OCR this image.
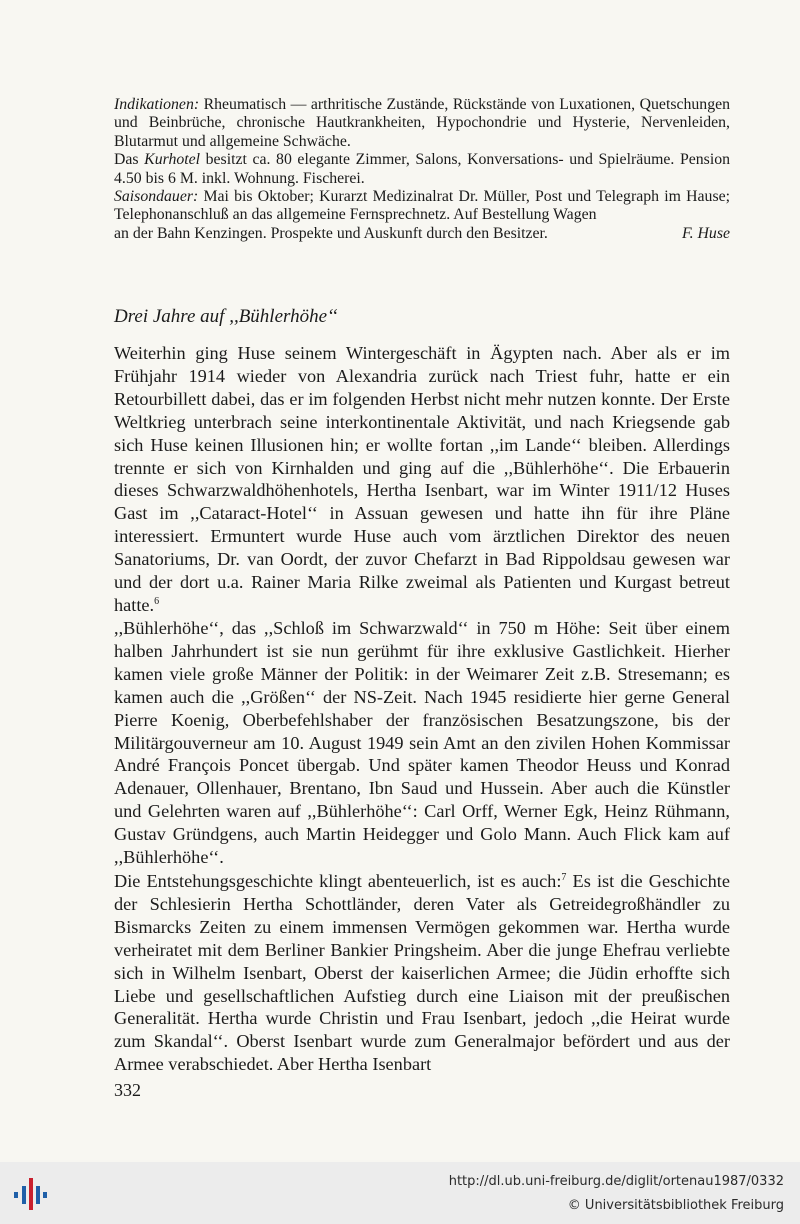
Indikationen: Rheumatisch — arthritische Zustände, Rückstände von Luxationen, Quetschungen und Beinbrüche, chronische Hautkrankheiten, Hypochondrie und Hysterie, Nervenleiden, Blutarmut und allgemeine Schwäche.

Das Kurhotel besitzt ca. 80 elegante Zimmer, Salons, Konversations- und Spielräume. Pension 4.50 bis 6 M. inkl. Wohnung. Fischerei.

Saisondauer: Mai bis Oktober; Kurarzt Medizinalrat Dr. Müller, Post und Telegraph im Hause; Telephonanschluß an das allgemeine Fernsprechnetz. Auf Bestellung Wagen

an der Bahn Kenzingen. Prospekte und Auskunft durch den Besitzer.	F. Huse
Drei Jahre auf ,,Bühlerhöhe‘‘

Weiterhin ging Huse seinem Wintergeschäft in Ägypten nach. Aber als er im Frühjahr 1914 wieder von Alexandria zurück nach Triest fuhr, hatte er ein Retourbillett dabei, das er im folgenden Herbst nicht mehr nutzen konnte. Der Erste Weltkrieg unterbrach seine interkontinentale Aktivität, und nach Kriegsende gab sich Huse keinen Illusionen hin; er wollte fortan ,,im Lande‘‘ bleiben. Allerdings trennte er sich von Kirnhalden und ging auf die ,,Bühlerhöhe‘‘. Die Erbauerin dieses Schwarzwaldhöhenhotels, Hertha Isenbart, war im Winter 1911/12 Huses Gast im ,,Cataract-Hotel‘‘ in Assuan gewesen und hatte ihn für ihre Pläne interessiert. Ermuntert wurde Huse auch vom ärztlichen Direktor des neuen Sanatoriums, Dr. van Oordt, der zuvor Chefarzt in Bad Rippoldsau gewesen war und der dort u.a. Rainer Maria Rilke zweimal als Patienten und Kurgast betreut hatte.$^6$

,,Bühlerhöhe‘‘, das ,,Schloß im Schwarzwald‘‘ in 750 m Höhe: Seit über einem halben Jahrhundert ist sie nun gerühmt für ihre exklusive Gastlichkeit. Hierher kamen viele große Männer der Politik: in der Weimarer Zeit z.B. Stresemann; es kamen auch die ,,Größen‘‘ der NS-Zeit. Nach 1945 residierte hier gerne General Pierre Koenig, Oberbefehlshaber der französischen Besatzungszone, bis der Militärgouverneur am 10. August 1949 sein Amt an den zivilen Hohen Kommissar André François Poncet übergab. Und später kamen Theodor Heuss und Konrad Adenauer, Ollenhauer, Brentano, Ibn Saud und Hussein. Aber auch die Künstler und Gelehrten waren auf ,,Bühlerhöhe‘‘: Carl Orff, Werner Egk, Heinz Rühmann, Gustav Gründgens, auch Martin Heidegger und Golo Mann. Auch Flick kam auf ,,Bühlerhöhe‘‘.

Die Entstehungsgeschichte klingt abenteuerlich, ist es auch:$^7$ Es ist die Geschichte der Schlesierin Hertha Schottländer, deren Vater als Getreidegroßhändler zu Bismarcks Zeiten zu einem immensen Vermögen gekommen war. Hertha wurde verheiratet mit dem Berliner Bankier Pringsheim. Aber die junge Ehefrau verliebte sich in Wilhelm Isenbart, Oberst der kaiserlichen Armee; die Jüdin erhoffte sich Liebe und gesellschaftlichen Aufstieg durch eine Liaison mit der preußischen Generalität. Hertha wurde Christin und Frau Isenbart, jedoch ,,die Heirat wurde zum Skandal‘‘. Oberst Isenbart wurde zum Generalmajor befördert und aus der Armee verabschiedet. Aber Hertha Isenbart

332
http://dl.ub.uni-freiburg.de/diglit/ortenau1987/0332
© Universitätsbibliothek Freiburg
